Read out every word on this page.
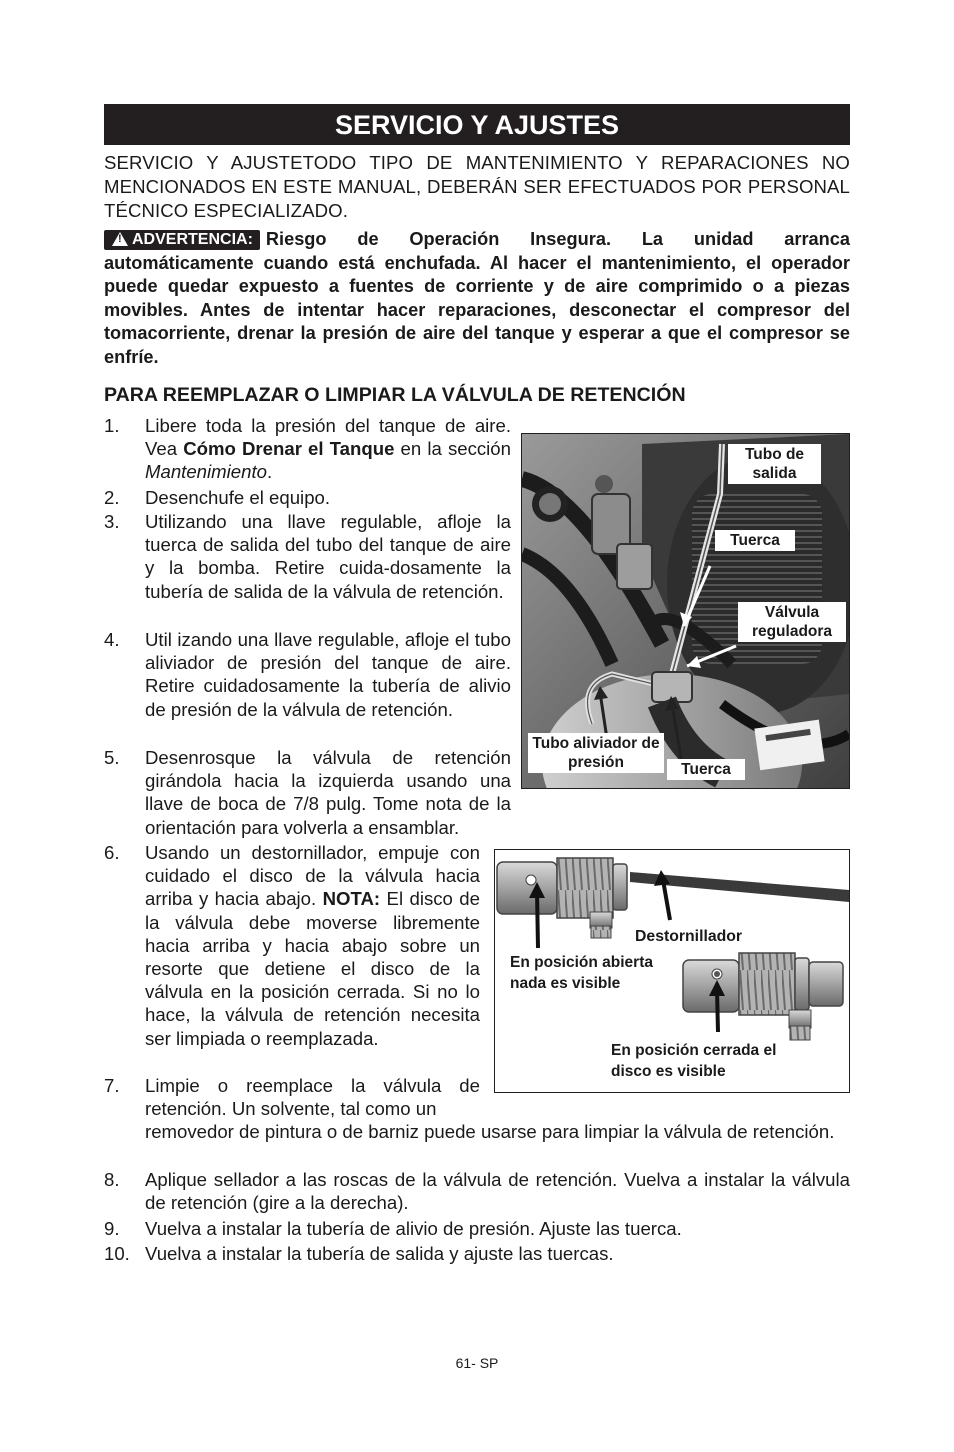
SERVICIO Y AJUSTES
SERVICIO Y AJUSTETODO TIPO DE MANTENIMIENTO Y REPARACIONES NO MENCIONADOS EN ESTE MANUAL, DEBERÁN SER EFECTUADOS POR PERSONAL TÉCNICO ESPECIALIZADO.
!ADVERTENCIA: Riesgo de Operación Insegura. La unidad arranca automáticamente cuando está enchufada. Al hacer el mantenimiento, el operador puede quedar expuesto a fuentes de corriente y de aire comprimido o a piezas movibles. Antes de intentar hacer reparaciones, desconectar el compresor del tomacorriente, drenar la presión de aire del tanque y esperar a que el compresor se enfríe.
PARA REEMPLAZAR O LIMPIAR LA VÁLVULA DE RETENCIÓN
1. Libere toda la presión del tanque de aire. Vea Cómo Drenar el Tanque en la sección Mantenimiento.
2. Desenchufe el equipo.
3. Utilizando una llave regulable, afloje la tuerca de salida del tubo del tanque de aire y la bomba. Retire cuida-dosamente la tubería de salida de la válvula de retención.
4. Util izando una llave regulable, afloje el tubo aliviador de presión del tanque de aire. Retire cuidadosamente la tubería de alivio de presión de la válvula de retención.
5. Desenrosque la válvula de retención girándola hacia la izquierda usando una llave de boca de 7/8 pulg. Tome nota de la orientación para volverla a ensamblar.
6. Usando un destornillador, empuje con cuidado el disco de la válvula hacia arriba y hacia abajo. NOTA: El disco de la válvula debe moverse libremente hacia arriba y hacia abajo sobre un resorte que detiene el disco de la válvula en la posición cerrada. Si no lo hace, la válvula de retención necesita ser limpiada o reemplazada.
7. Limpie o reemplace la válvula de retención. Un solvente, tal como un
removedor de pintura o de barniz puede usarse para limpiar la válvula de retención.
8. Aplique sellador a las roscas de la válvula de retención. Vuelva a instalar la válvula de retención (gire a la derecha).
9. Vuelva a instalar la tubería de alivio de presión. Ajuste las tuerca.
10. Vuelva a instalar la tubería de salida y ajuste las tuercas.
Tubo de salida
Tuerca
Válvula reguladora
Tubo aliviador de presión	Tuerca
Destornillador
En posición abierta nada es visible
En posición cerrada el disco es visible
61- SP
